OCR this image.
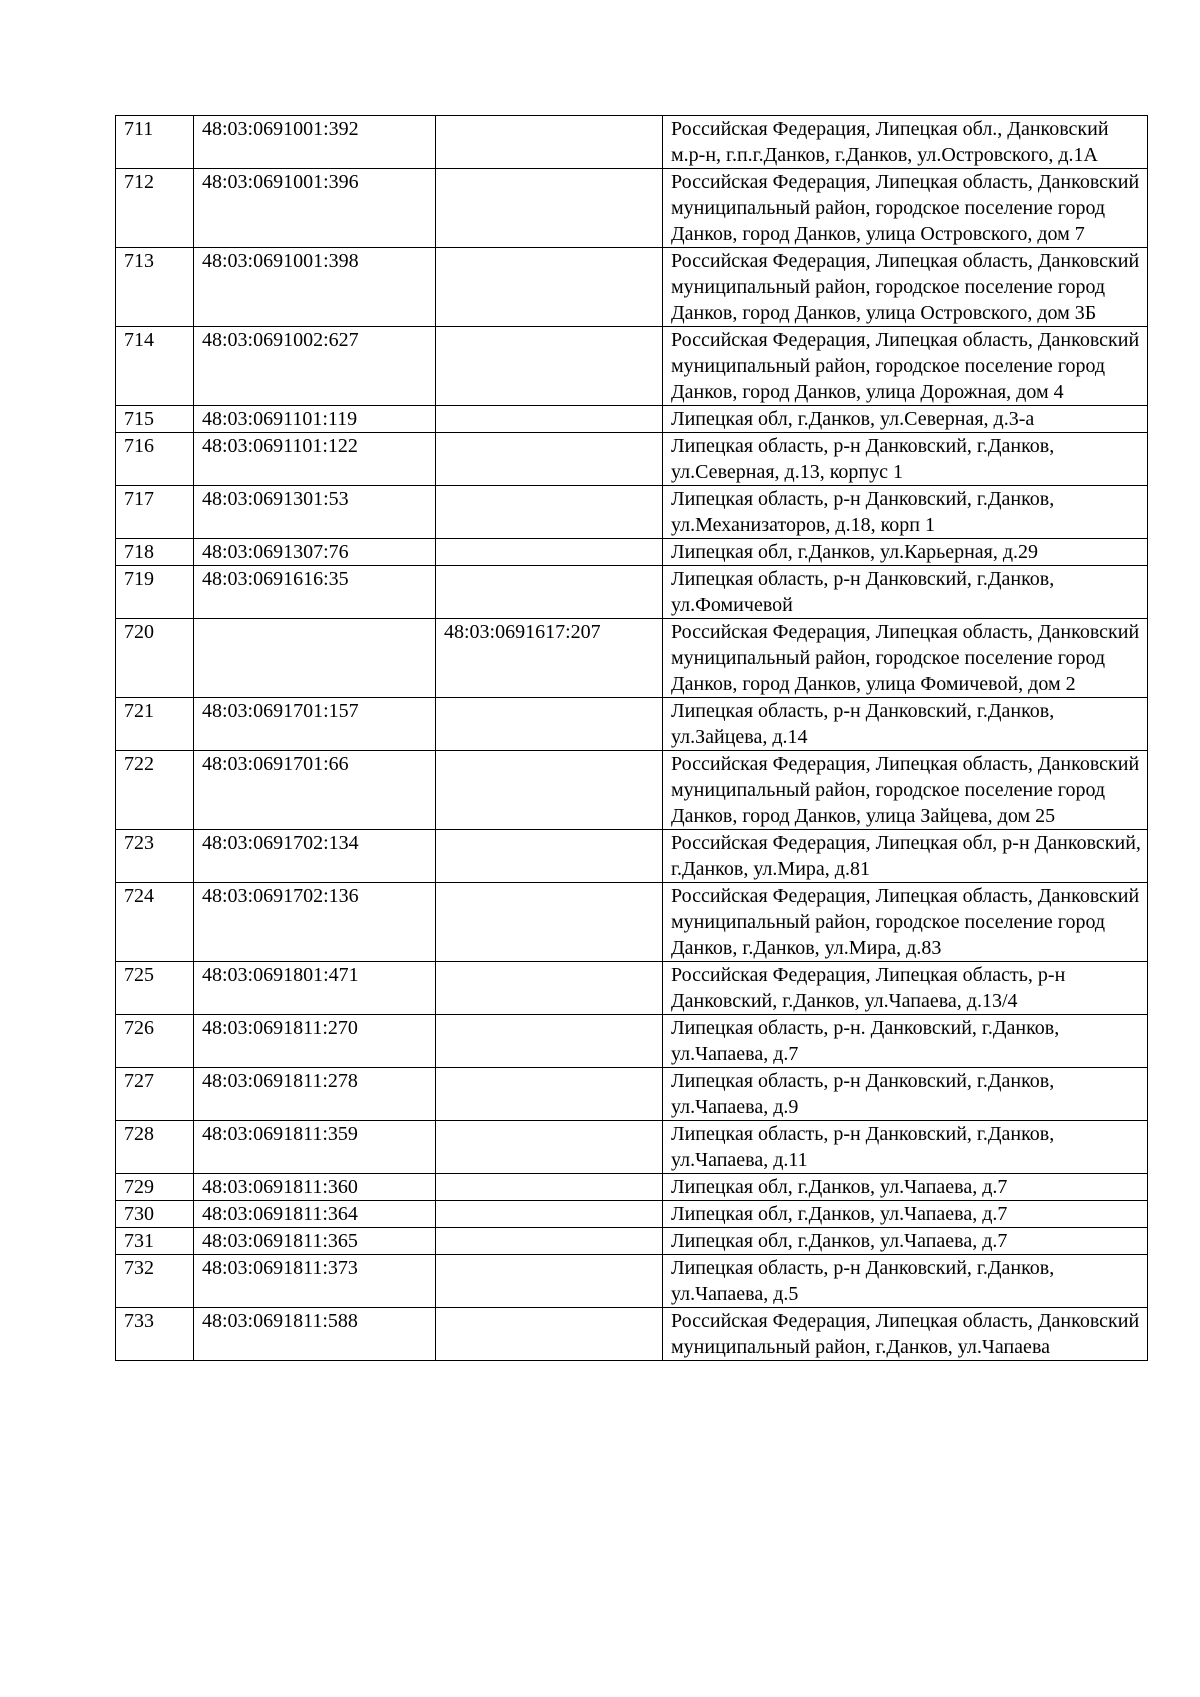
711	48:03:0691001:392		Российская Федерация, Липецкая обл., Данковский м.р-н, г.п.г.Данков, г.Данков, ул.Островского, д.1А
712	48:03:0691001:396		Российская Федерация, Липецкая область, Данковский муниципальный район, городское поселение город Данков, город Данков, улица Островского, дом 7
713	48:03:0691001:398		Российская Федерация, Липецкая область, Данковский муниципальный район, городское поселение город Данков, город Данков, улица Островского, дом 3Б
714	48:03:0691002:627		Российская Федерация, Липецкая область, Данковский муниципальный район, городское поселение город Данков, город Данков, улица Дорожная, дом 4
715	48:03:0691101:119		Липецкая обл, г.Данков, ул.Северная, д.3-а
716	48:03:0691101:122		Липецкая область, р-н Данковский, г.Данков, ул.Северная, д.13, корпус 1
717	48:03:0691301:53		Липецкая область, р-н Данковский, г.Данков, ул.Механизаторов, д.18, корп 1
718	48:03:0691307:76		Липецкая обл, г.Данков, ул.Карьерная, д.29
719	48:03:0691616:35		Липецкая область, р-н Данковский, г.Данков, ул.Фомичевой
720		48:03:0691617:207	Российская Федерация, Липецкая область, Данковский муниципальный район, городское поселение город Данков, город Данков, улица Фомичевой, дом 2
721	48:03:0691701:157		Липецкая область, р-н Данковский, г.Данков, ул.Зайцева, д.14
722	48:03:0691701:66		Российская Федерация, Липецкая область, Данковский муниципальный район, городское поселение город Данков, город Данков, улица Зайцева, дом 25
723	48:03:0691702:134		Российская Федерация, Липецкая обл, р-н Данковский, г.Данков, ул.Мира, д.81
724	48:03:0691702:136		Российская Федерация, Липецкая область, Данковский муниципальный район, городское поселение город Данков, г.Данков, ул.Мира, д.83
725	48:03:0691801:471		Российская Федерация, Липецкая область, р-н Данковский, г.Данков, ул.Чапаева, д.13/4
726	48:03:0691811:270		Липецкая область, р-н. Данковский, г.Данков, ул.Чапаева, д.7
727	48:03:0691811:278		Липецкая область, р-н Данковский, г.Данков, ул.Чапаева, д.9
728	48:03:0691811:359		Липецкая область, р-н Данковский, г.Данков, ул.Чапаева, д.11
729	48:03:0691811:360		Липецкая обл, г.Данков, ул.Чапаева, д.7
730	48:03:0691811:364		Липецкая обл, г.Данков, ул.Чапаева, д.7
731	48:03:0691811:365		Липецкая обл, г.Данков, ул.Чапаева, д.7
732	48:03:0691811:373		Липецкая область, р-н Данковский, г.Данков, ул.Чапаева, д.5
733	48:03:0691811:588		Российская Федерация, Липецкая область, Данковский муниципальный район, г.Данков, ул.Чапаева
